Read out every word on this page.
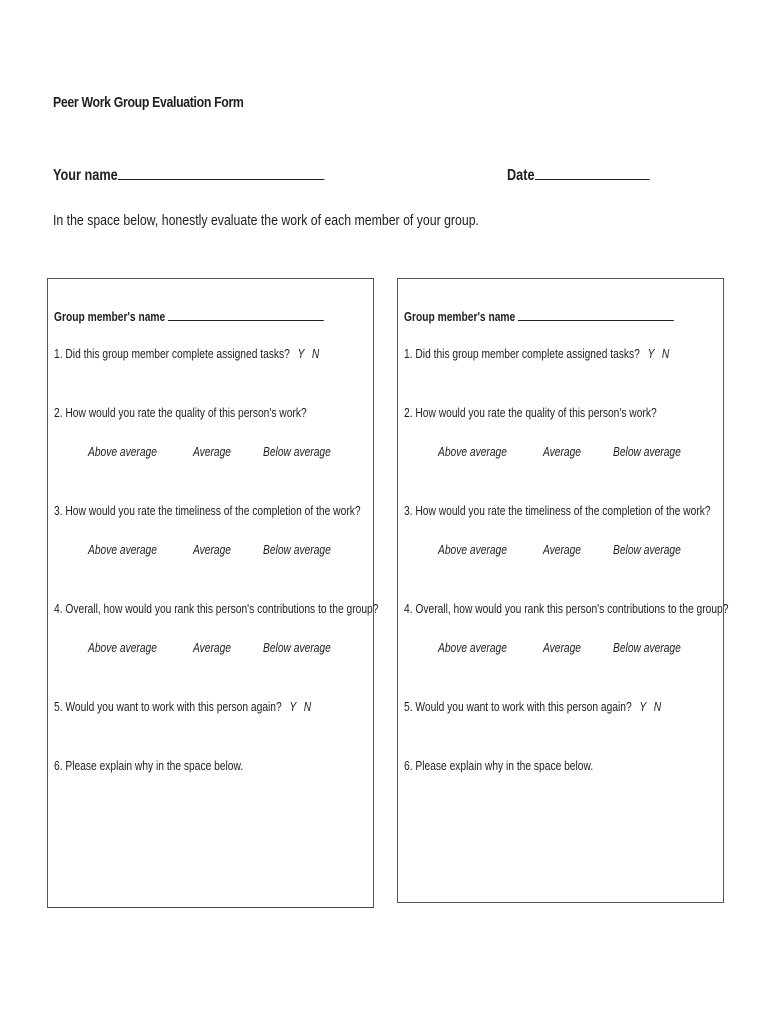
Peer Work Group Evaluation Form
Your name	Date
In the space below, honestly evaluate the work of each member of your group.
Group member's name
1. Did this group member complete assigned tasks? Y N
2. How would you rate the quality of this person's work?
Above average	Average	Below average
3. How would you rate the timeliness of the completion of the work?
Above average	Average	Below average
4. Overall, how would you rank this person's contributions to the group?
Above average	Average	Below average
5. Would you want to work with this person again? Y N
6. Please explain why in the space below.
Group member's name
1. Did this group member complete assigned tasks? Y N
2. How would you rate the quality of this person's work?
Above average	Average	Below average
3. How would you rate the timeliness of the completion of the work?
Above average	Average	Below average
4. Overall, how would you rank this person's contributions to the group?
Above average	Average	Below average
5. Would you want to work with this person again? Y N
6. Please explain why in the space below.
